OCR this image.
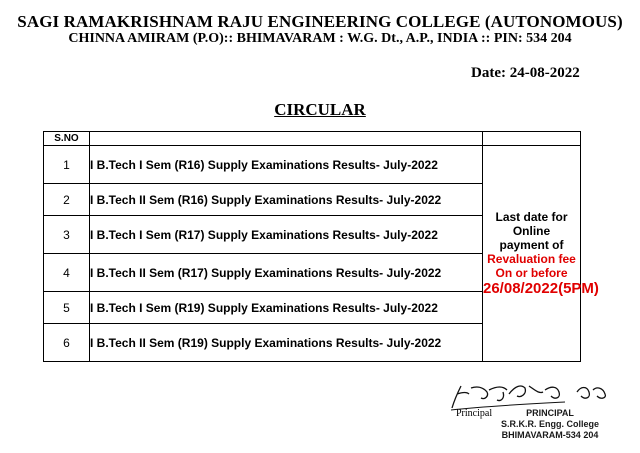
SAGI RAMAKRISHNAM RAJU ENGINEERING COLLEGE (AUTONOMOUS)
CHINNA AMIRAM (P.O):: BHIMAVARAM : W.G. Dt., A.P., INDIA :: PIN: 534 204
Date: 24-08-2022
CIRCULAR
S.NO		
1	I B.Tech I Sem (R16) Supply Examinations Results- July-2022	Last date for Online
payment of
Revaluation fee
On or before
26/08/2022(5PM)

2	I B.Tech II Sem (R16) Supply Examinations Results- July-2022	
3	I B.Tech I Sem (R17) Supply Examinations Results- July-2022	
4	I B.Tech II Sem (R17) Supply Examinations Results- July-2022	
5	I B.Tech I Sem (R19) Supply Examinations Results- July-2022	
6	I B.Tech II Sem (R19) Supply Examinations Results- July-2022	
Principal	PRINCIPAL
S.R.K.R. Engg. College
BHIMAVARAM-534 204
